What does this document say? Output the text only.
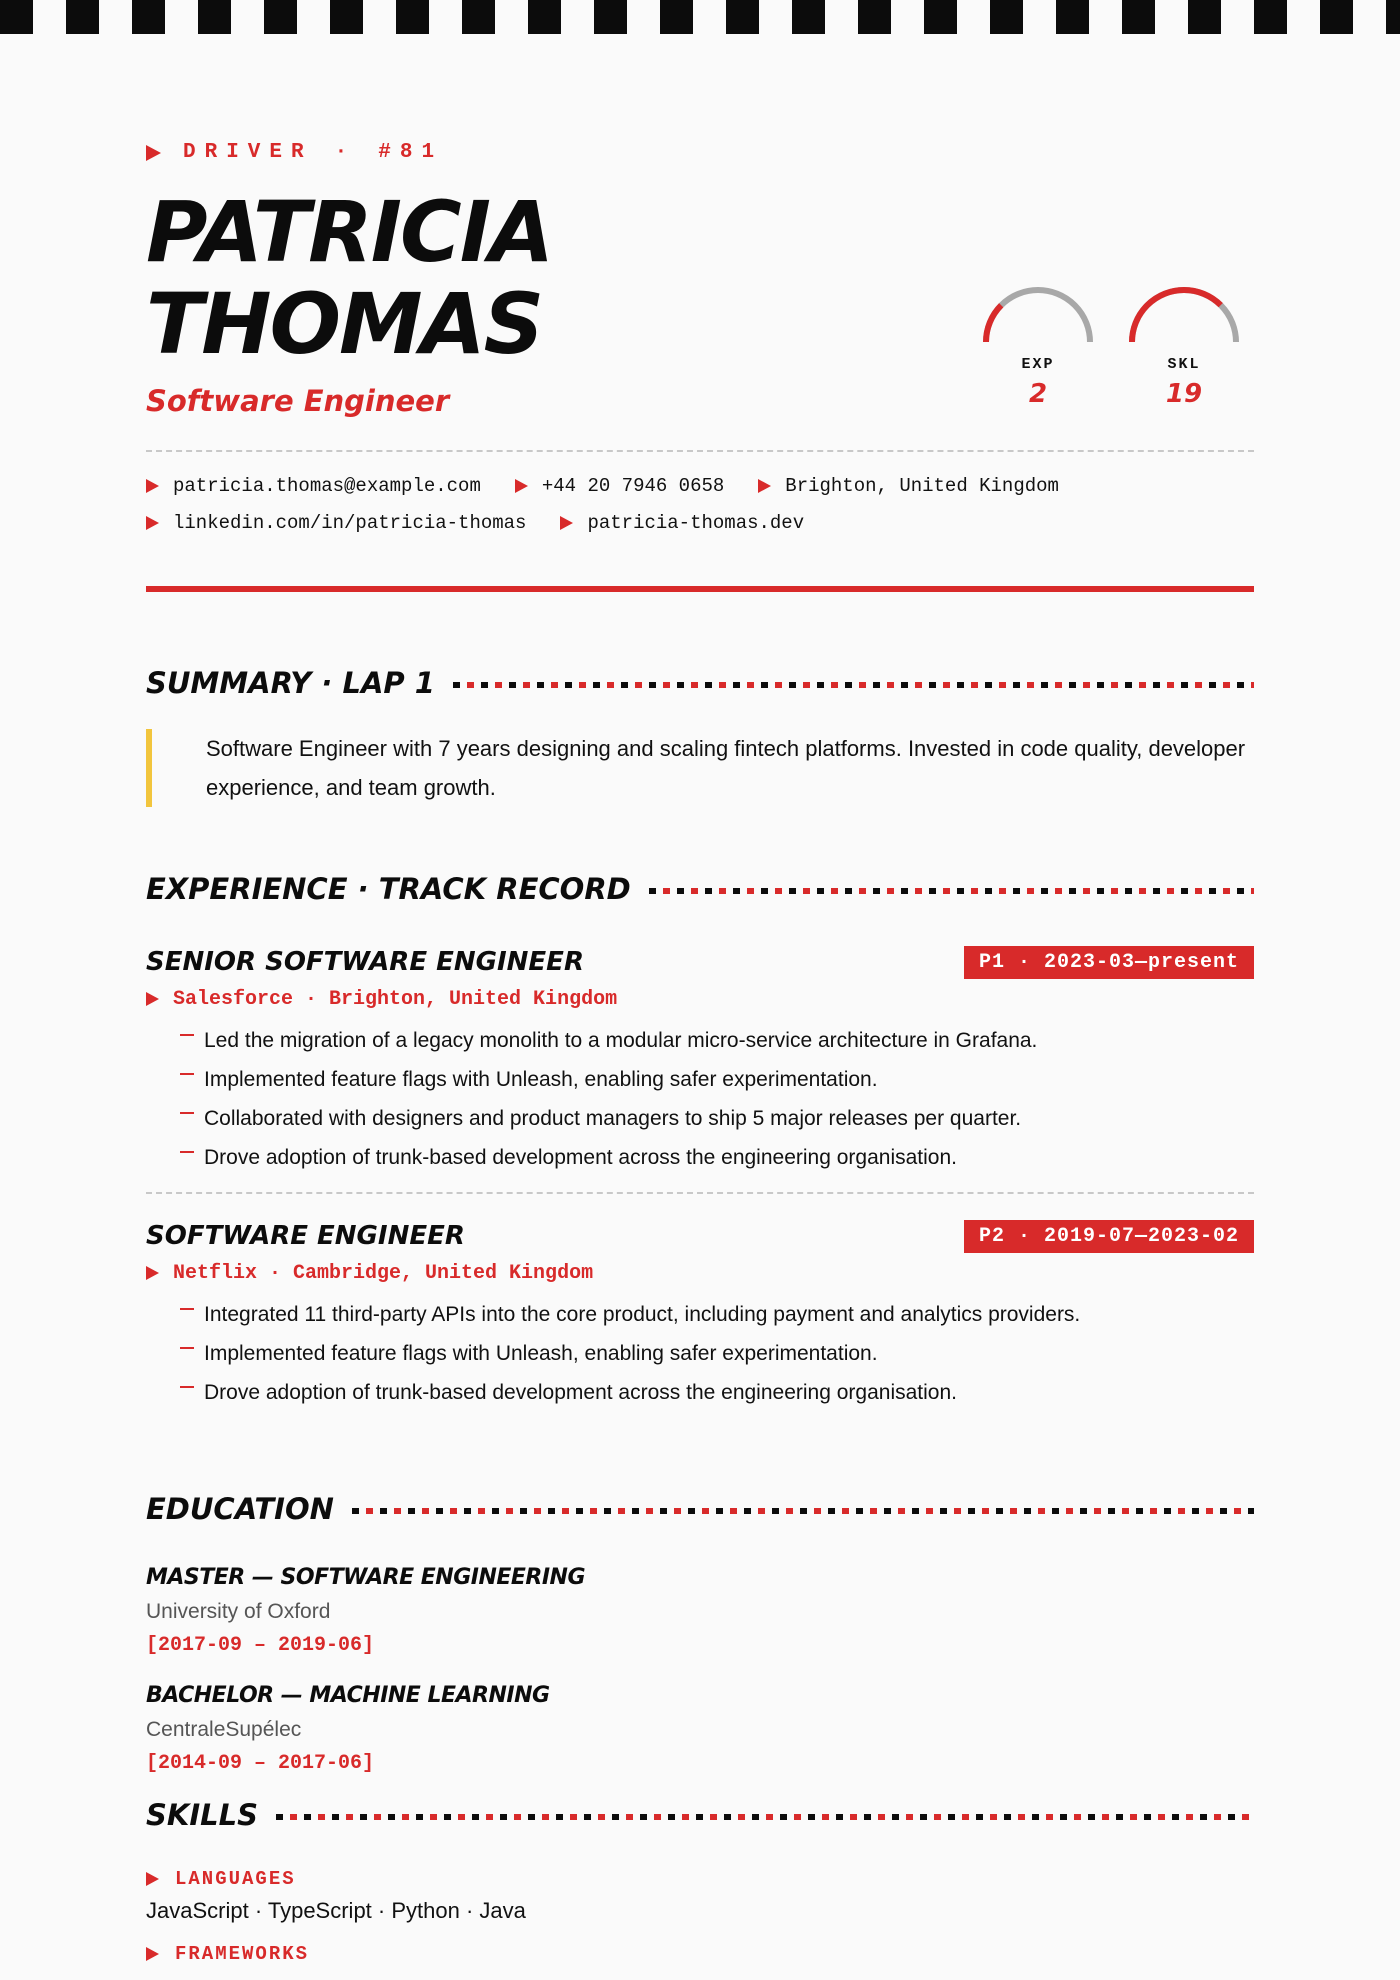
DRIVER · #81
PATRICIA
THOMAS
Software Engineer
EXP
2
SKL
19
patricia.thomas@example.com	+44 20 7946 0658	Brighton, United Kingdom
linkedin.com/in/patricia-thomas	patricia-thomas.dev
SUMMARY · LAP 1

Software Engineer with 7 years designing and scaling fintech platforms. Invested in code quality, developer experience, and team growth.

EXPERIENCE · TRACK RECORD
SENIOR SOFTWARE ENGINEER	P1 · 2023-03—present
Salesforce · Brighton, United Kingdom
Led the migration of a legacy monolith to a modular micro-service architecture in Grafana.
Implemented feature flags with Unleash, enabling safer experimentation.
Collaborated with designers and product managers to ship 5 major releases per quarter.
Drove adoption of trunk-based development across the engineering organisation.
SOFTWARE ENGINEER	P2 · 2019-07—2023-02
Netflix · Cambridge, United Kingdom
Integrated 11 third-party APIs into the core product, including payment and analytics providers.
Implemented feature flags with Unleash, enabling safer experimentation.
Drove adoption of trunk-based development across the engineering organisation.
EDUCATION
MASTER — SOFTWARE ENGINEERING
University of Oxford
[2017-09 – 2019-06]
BACHELOR — MACHINE LEARNING
CentraleSupélec
[2014-09 – 2017-06]
SKILLS
LANGUAGES
JavaScript · TypeScript · Python · Java
FRAMEWORKS
